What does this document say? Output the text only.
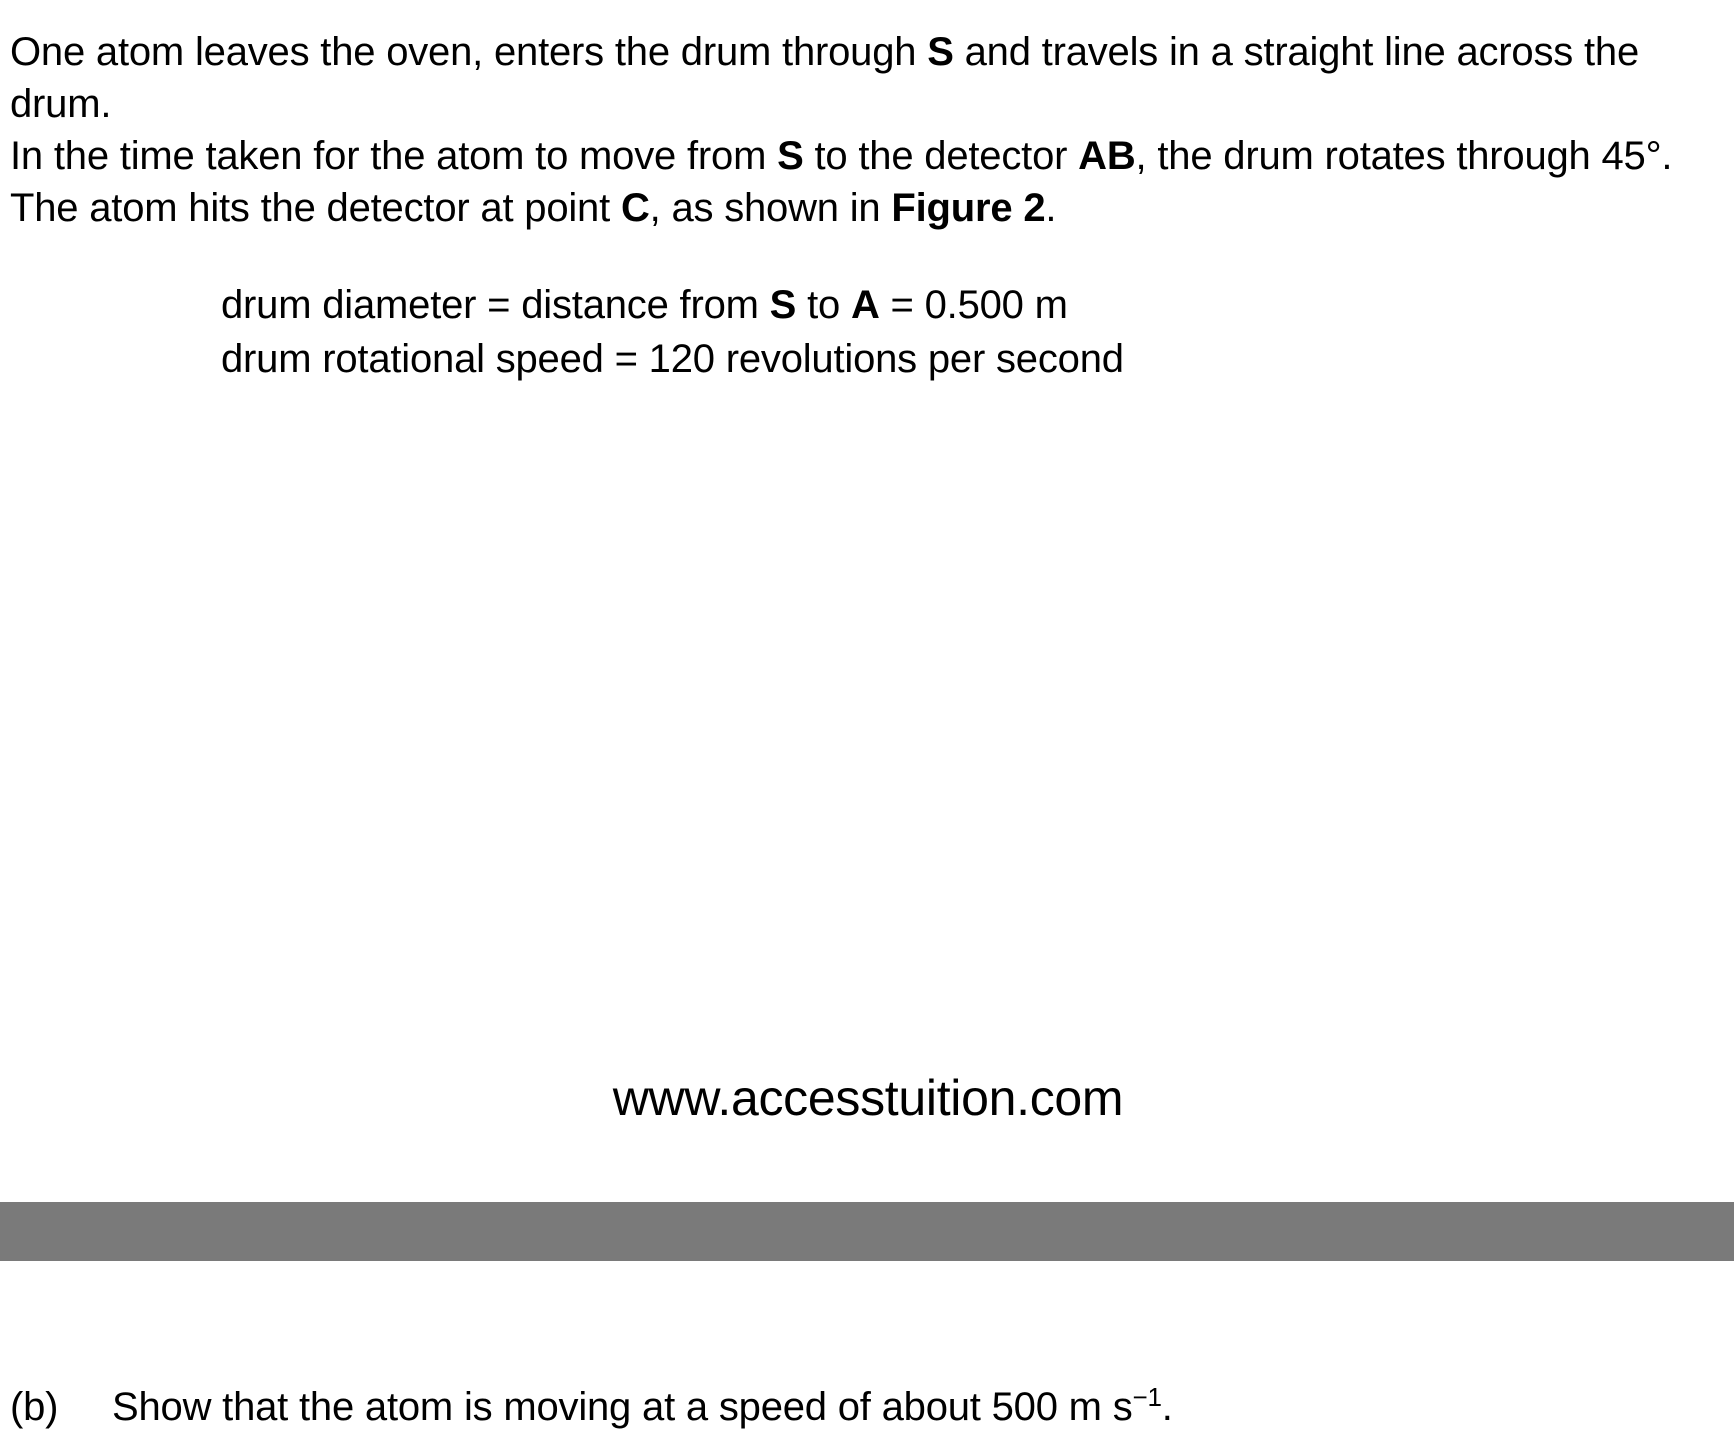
One atom leaves the oven, enters the drum through S and travels in a straight line across the drum.

In the time taken for the atom to move from S to the detector AB, the drum rotates through 45°.

The atom hits the detector at point C, as shown in Figure 2.

drum diameter = distance from S to A = 0.500 m
drum rotational speed = 120 revolutions per second
www.accesstuition.com
(b) Show that the atom is moving at a speed of about 500 m $s^{-1}$.
